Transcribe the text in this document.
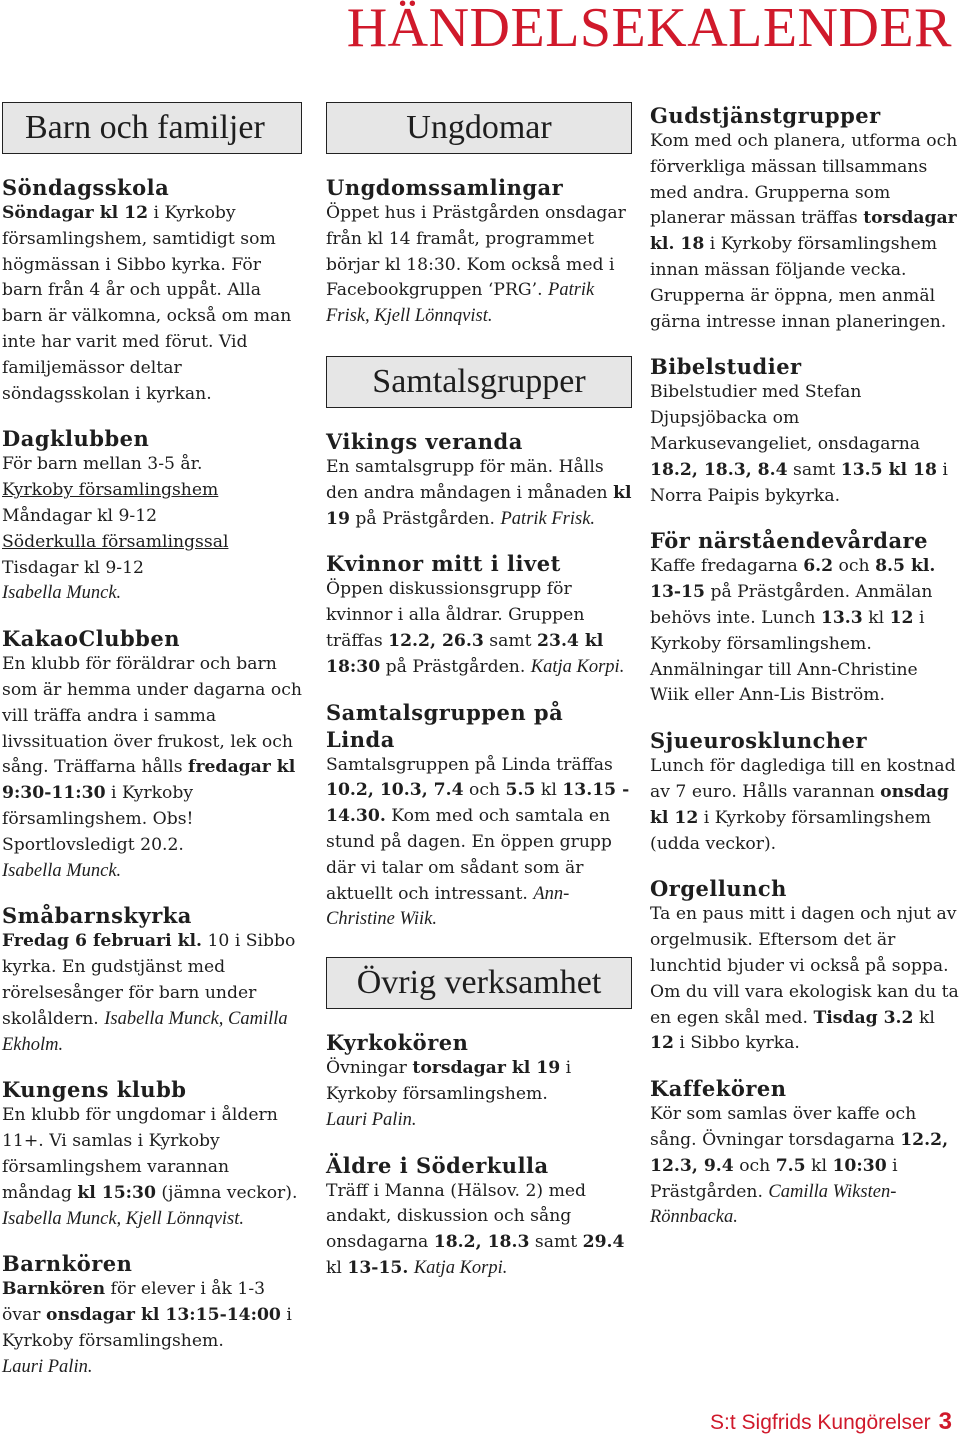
HÄNDELSEKALENDER
Barn och familjer

Söndagsskola

Söndagar kl 12 i Kyrkoby församlingshem, samtidigt som högmässan i Sibbo kyrka. För barn från 4 år och uppåt. Alla barn är välkomna, också om man inte har varit med förut. Vid familjemässor deltar söndagsskolan i kyrkan.

Dagklubben

För barn mellan 3-5 år.

Kyrkoby församlingshem

Måndagar kl 9-12

Söderkulla församlingssal

Tisdagar kl 9-12

Isabella Munck.

KakaoClubben

En klubb för föräldrar och barn som är hemma under dagarna och vill träffa andra i samma livssituation över frukost, lek och sång. Träffarna hålls fredagar kl 9:30-11:30 i Kyrkoby församlingshem. Obs! Sportlovsledigt 20.2.

Isabella Munck.

Småbarnskyrka

Fredag 6 februari kl. 10 i Sibbo kyrka. En gudstjänst med rörelsesånger för barn under skolåldern. Isabella Munck, Camilla Ekholm.

Kungens klubb

En klubb för ungdomar i åldern 11+. Vi samlas i Kyrkoby församlingshem varannan måndag kl 15:30 (jämna veckor). Isabella Munck, Kjell Lönnqvist.

Barnkören

Barnkören för elever i åk 1-3 övar onsdagar kl 13:15-14:00 i Kyrkoby församlingshem.

Lauri Palin.

Ungdomar

Ungdomssamlingar

Öppet hus i Prästgården onsdagar från kl 14 framåt, programmet börjar kl 18:30. Kom också med i Facebookgruppen ‘PRG’. Patrik Frisk, Kjell Lönnqvist.
Samtalsgrupper

Vikings veranda

En samtalsgrupp för män. Hålls den andra måndagen i månaden kl 19 på Prästgården. Patrik Frisk.

Kvinnor mitt i livet

Öppen diskussionsgrupp för kvinnor i alla åldrar. Gruppen träffas 12.2, 26.3 samt 23.4 kl 18:30 på Prästgården. Katja Korpi.

Samtalsgruppen på Linda

Samtalsgruppen på Linda träffas 10.2, 10.3, 7.4 och 5.5 kl 13.15 - 14.30. Kom med och samtala en stund på dagen. En öppen grupp där vi talar om sådant som är aktuellt och intressant. Ann-Christine Wiik.
Övrig verksamhet

Kyrkokören

Övningar torsdagar kl 19 i Kyrkoby församlingshem.

Lauri Palin.

Äldre i Söderkulla

Träff i Manna (Hälsov. 2) med andakt, diskussion och sång onsdagarna 18.2, 18.3 samt 29.4 kl 13-15. Katja Korpi.

Gudstjänstgrupper

Kom med och planera, utforma och förverkliga mässan tillsammans med andra. Grupperna som planerar mässan träffas torsdagar kl. 18 i Kyrkoby församlingshem innan mässan följande vecka. Grupperna är öppna, men anmäl gärna intresse innan planeringen.

Bibelstudier

Bibelstudier med Stefan Djupsjöbacka om Markusevangeliet, onsdagarna 18.2, 18.3, 8.4 samt 13.5 kl 18 i Norra Paipis bykyrka.

För närståendevårdare

Kaffe fredagarna 6.2 och 8.5 kl. 13-15 på Prästgården. Anmälan behövs inte. Lunch 13.3 kl 12 i Kyrkoby församlingshem. Anmälningar till Ann-Christine Wiik eller Ann-Lis Biström.

Sjueuroskluncher

Lunch för daglediga till en kostnad av 7 euro. Hålls varannan onsdag kl 12 i Kyrkoby församlingshem (udda veckor).

Orgellunch

Ta en paus mitt i dagen och njut av orgelmusik. Eftersom det är lunchtid bjuder vi också på soppa. Om du vill vara ekologisk kan du ta en egen skål med. Tisdag 3.2 kl 12 i Sibbo kyrka.

Kaffekören

Kör som samlas över kaffe och sång. Övningar torsdagarna 12.2, 12.3, 9.4 och 7.5 kl 10:30 i Prästgården. Camilla Wiksten-Rönnbacka.
S:t Sigfrids Kungörelser 3
